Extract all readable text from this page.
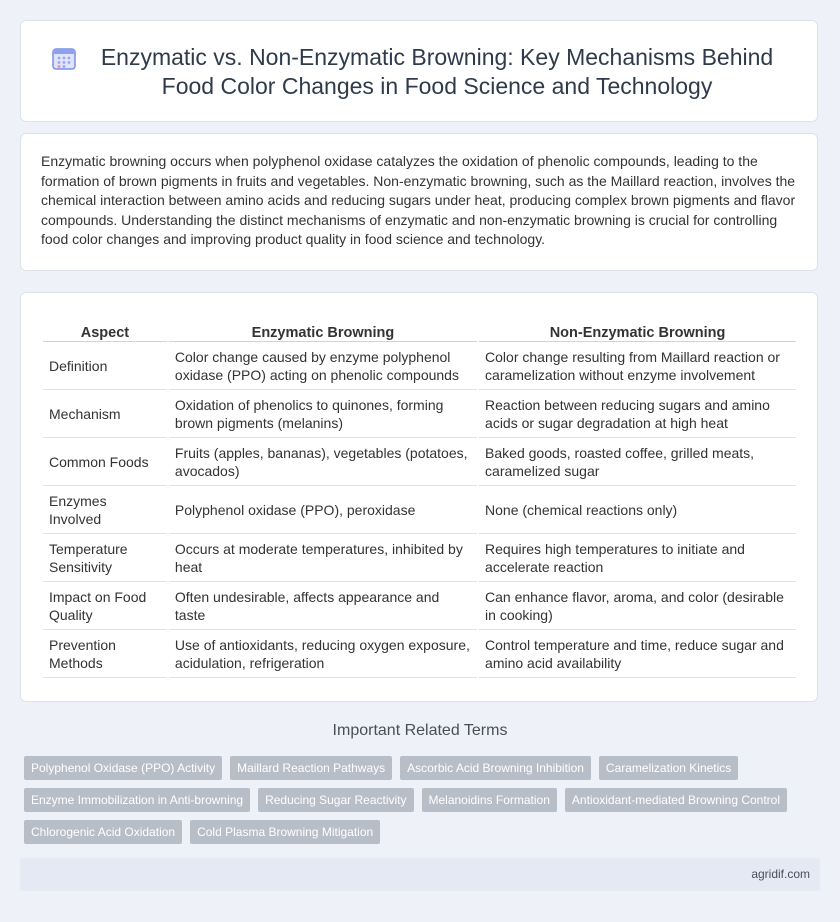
Enzymatic vs. Non-Enzymatic Browning: Key Mechanisms Behind Food Color Changes in Food Science and Technology

Enzymatic browning occurs when polyphenol oxidase catalyzes the oxidation of phenolic compounds, leading to the formation of brown pigments in fruits and vegetables. Non-enzymatic browning, such as the Maillard reaction, involves the chemical interaction between amino acids and reducing sugars under heat, producing complex brown pigments and flavor compounds. Understanding the distinct mechanisms of enzymatic and non-enzymatic browning is crucial for controlling food color changes and improving product quality in food science and technology.

Aspect	Enzymatic Browning	Non-Enzymatic Browning
Definition	Color change caused by enzyme polyphenol oxidase (PPO) acting on phenolic compounds	Color change resulting from Maillard reaction or caramelization without enzyme involvement
Mechanism	Oxidation of phenolics to quinones, forming brown pigments (melanins)	Reaction between reducing sugars and amino acids or sugar degradation at high heat
Common Foods	Fruits (apples, bananas), vegetables (potatoes, avocados)	Baked goods, roasted coffee, grilled meats, caramelized sugar
Enzymes Involved	Polyphenol oxidase (PPO), peroxidase	None (chemical reactions only)
Temperature Sensitivity	Occurs at moderate temperatures, inhibited by heat	Requires high temperatures to initiate and accelerate reaction
Impact on Food Quality	Often undesirable, affects appearance and taste	Can enhance flavor, aroma, and color (desirable in cooking)
Prevention Methods	Use of antioxidants, reducing oxygen exposure, acidulation, refrigeration	Control temperature and time, reduce sugar and amino acid availability
Important Related Terms
Polyphenol Oxidase (PPO) Activity	Maillard Reaction Pathways	Ascorbic Acid Browning Inhibition	Caramelization Kinetics
Enzyme Immobilization in Anti-browning	Reducing Sugar Reactivity	Melanoidins Formation	Antioxidant-mediated Browning Control
Chlorogenic Acid Oxidation	Cold Plasma Browning Mitigation
agridif.com
